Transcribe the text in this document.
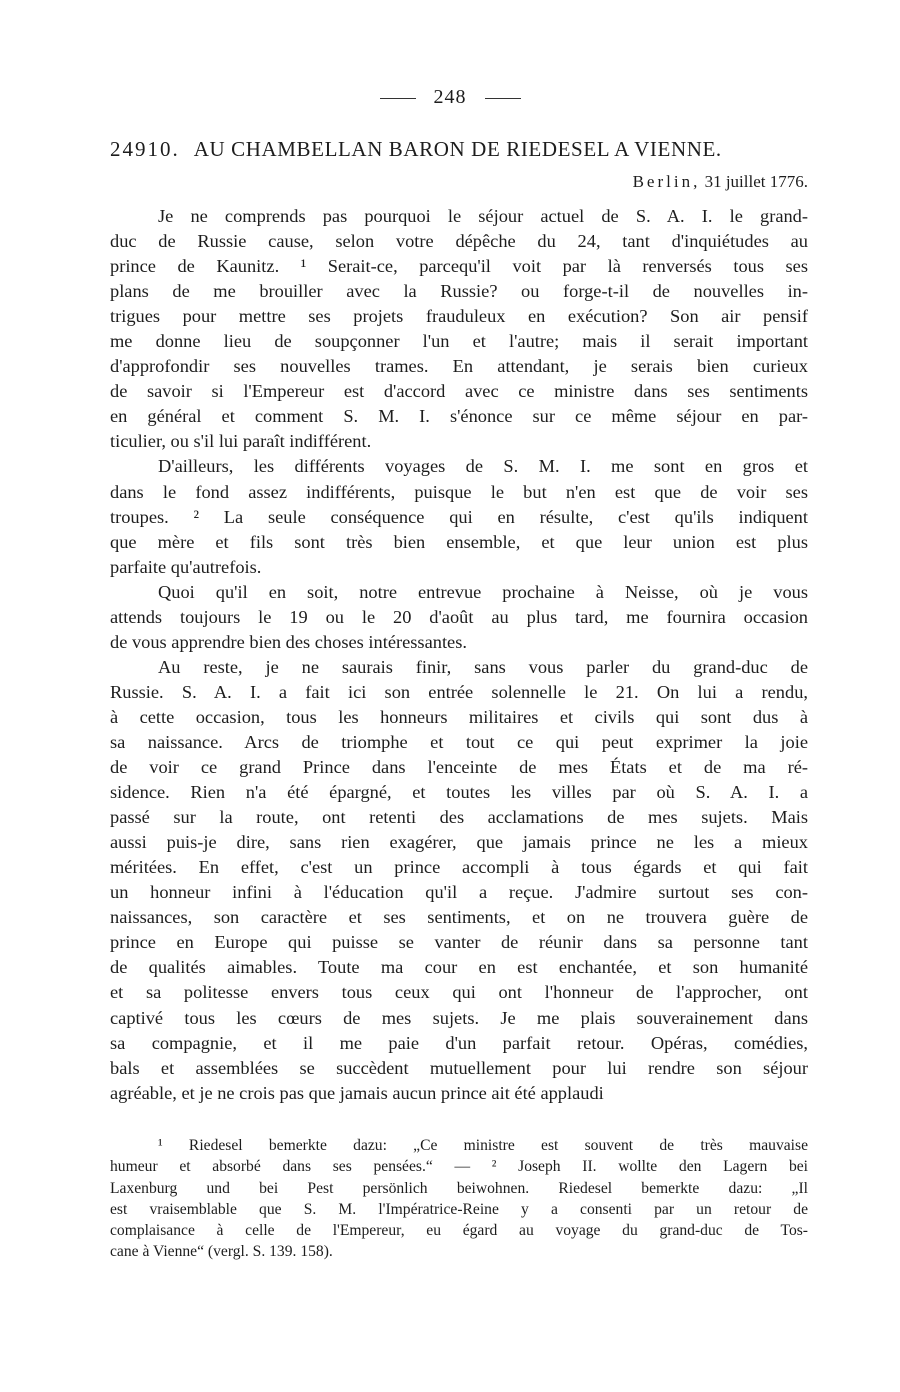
248
24910. AU CHAMBELLAN BARON DE RIEDESEL A VIENNE.
Berlin, 31 juillet 1776.
Je ne comprends pas pourquoi le séjour actuel de S. A. I. le grand-
duc de Russie cause, selon votre dépêche du 24, tant d'inquiétudes au
prince de Kaunitz. ¹ Serait-ce, parcequ'il voit par là renversés tous ses
plans de me brouiller avec la Russie? ou forge-t-il de nouvelles in-
trigues pour mettre ses projets frauduleux en exécution? Son air pensif
me donne lieu de soupçonner l'un et l'autre; mais il serait important
d'approfondir ses nouvelles trames. En attendant, je serais bien curieux
de savoir si l'Empereur est d'accord avec ce ministre dans ses sentiments
en général et comment S. M. I. s'énonce sur ce même séjour en par-
ticulier, ou s'il lui paraît indifférent.
D'ailleurs, les différents voyages de S. M. I. me sont en gros et
dans le fond assez indifférents, puisque le but n'en est que de voir ses
troupes. ² La seule conséquence qui en résulte, c'est qu'ils indiquent
que mère et fils sont très bien ensemble, et que leur union est plus
parfaite qu'autrefois.
Quoi qu'il en soit, notre entrevue prochaine à Neisse, où je vous
attends toujours le 19 ou le 20 d'août au plus tard, me fournira occasion
de vous apprendre bien des choses intéressantes.
Au reste, je ne saurais finir, sans vous parler du grand-duc de
Russie. S. A. I. a fait ici son entrée solennelle le 21. On lui a rendu,
à cette occasion, tous les honneurs militaires et civils qui sont dus à
sa naissance. Arcs de triomphe et tout ce qui peut exprimer la joie
de voir ce grand Prince dans l'enceinte de mes États et de ma ré-
sidence. Rien n'a été épargné, et toutes les villes par où S. A. I. a
passé sur la route, ont retenti des acclamations de mes sujets. Mais
aussi puis-je dire, sans rien exagérer, que jamais prince ne les a mieux
méritées. En effet, c'est un prince accompli à tous égards et qui fait
un honneur infini à l'éducation qu'il a reçue. J'admire surtout ses con-
naissances, son caractère et ses sentiments, et on ne trouvera guère de
prince en Europe qui puisse se vanter de réunir dans sa personne tant
de qualités aimables. Toute ma cour en est enchantée, et son humanité
et sa politesse envers tous ceux qui ont l'honneur de l'approcher, ont
captivé tous les cœurs de mes sujets. Je me plais souverainement dans
sa compagnie, et il me paie d'un parfait retour. Opéras, comédies,
bals et assemblées se succèdent mutuellement pour lui rendre son séjour
agréable, et je ne crois pas que jamais aucun prince ait été applaudi
¹ Riedesel bemerkte dazu: „Ce ministre est souvent de très mauvaise
humeur et absorbé dans ses pensées.“ — ² Joseph II. wollte den Lagern bei
Laxenburg und bei Pest persönlich beiwohnen. Riedesel bemerkte dazu: „Il
est vraisemblable que S. M. l'Impératrice-Reine y a consenti par un retour de
complaisance à celle de l'Empereur, eu égard au voyage du grand-duc de Tos-
cane à Vienne“ (vergl. S. 139. 158).
